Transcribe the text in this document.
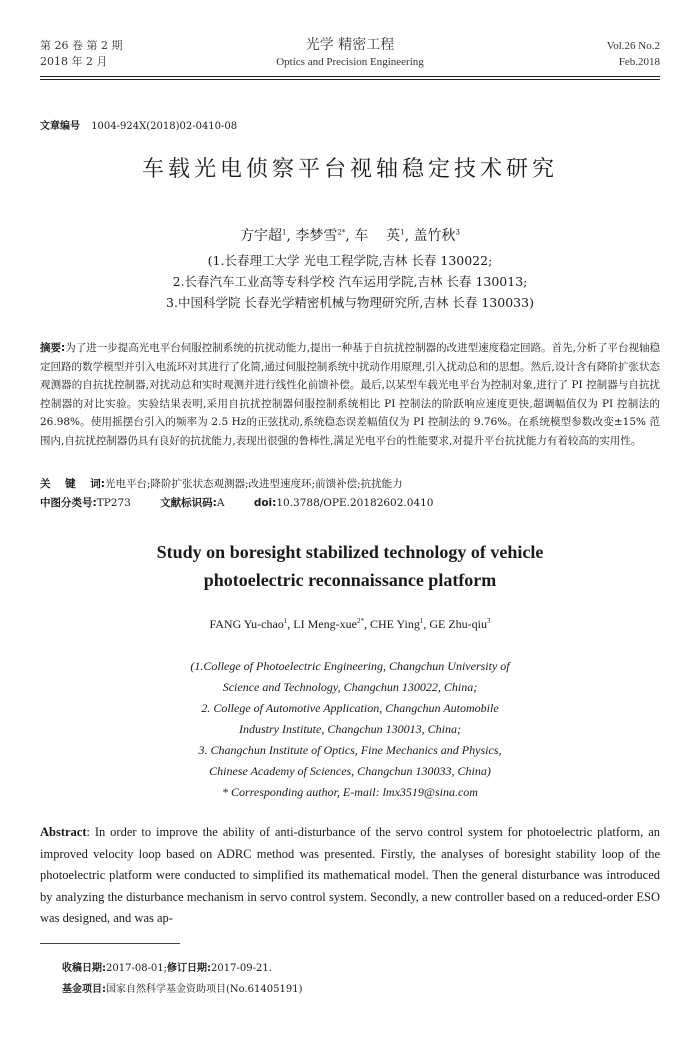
第 26 卷 第 2 期
2018 年 2 月
光学 精密工程
Optics and Precision Engineering
Vol.26 No.2
Feb.2018
文章编号 1004-924X(2018)02-0410-08
车载光电侦察平台视轴稳定技术研究
方宇超$^1$, 李梦雪$^{2*}$, 车    英$^1$, 盖竹秋$^3$
(1.长春理工大学 光电工程学院,吉林 长春 130022;
2.长春汽车工业高等专科学校 汽车运用学院,吉林 长春 130013;
3.中国科学院 长春光学精密机械与物理研究所,吉林 长春 130033)
摘要:为了进一步提高光电平台伺服控制系统的抗扰动能力,提出一种基于自抗扰控制器的改进型速度稳定回路。首先,分析了平台视轴稳定回路的数学模型并引入电流环对其进行了化简,通过伺服控制系统中扰动作用原理,引入扰动总和的思想。然后,设计含有降阶扩张状态观测器的自抗扰控制器,对扰动总和实时观测并进行线性化前馈补偿。最后,以某型车载光电平台为控制对象,进行了 PI 控制器与自抗扰控制器的对比实验。实验结果表明,采用自抗扰控制器伺服控制系统相比 PI 控制法的阶跃响应速度更快,超调幅值仅为 PI 控制法的 26.98%。使用摇摆台引入的频率为 2.5 Hz的正弦扰动,系统稳态误差幅值仅为 PI 控制法的 9.76%。在系统模型参数改变±15% 范围内,自抗扰控制器仍具有良好的抗扰能力,表现出很强的鲁棒性,满足光电平台的性能要求,对提升平台抗扰能力有着较高的实用性。
关    键    词:光电平台;降阶扩张状态观测器;改进型速度环;前馈补偿;抗扰能力
中图分类号:TP273	文献标识码:A	doi:10.3788/OPE.20182602.0410
Study on boresight stabilized technology of vehicle
photoelectric reconnaissance platform
FANG Yu-chao$^1$, LI Meng-xue$^{2*}$, CHE Ying$^1$, GE Zhu-qiu$^3$
(1.College of Photoelectric Engineering, Changchun University of
Science and Technology, Changchun 130022, China;
2. College of Automotive Application, Changchun Automobile
Industry Institute, Changchun 130013, China;
3. Changchun Institute of Optics, Fine Mechanics and Physics,
Chinese Academy of Sciences, Changchun 130033, China)
* Corresponding author, E-mail: lmx3519@sina.com
Abstract: In order to improve the ability of anti-disturbance of the servo control system for photoelectric platform, an improved velocity loop based on ADRC method was presented. Firstly, the analyses of boresight stability loop of the photoelectric platform were conducted to simplified its mathematical model. Then the general disturbance was introduced by analyzing the disturbance mechanism in servo control system. Secondly, a new controller based on a reduced-order ESO was designed, and was ap-
收稿日期:2017-08-01;修订日期:2017-09-21.
基金项目:国家自然科学基金资助项目(No.61405191)
